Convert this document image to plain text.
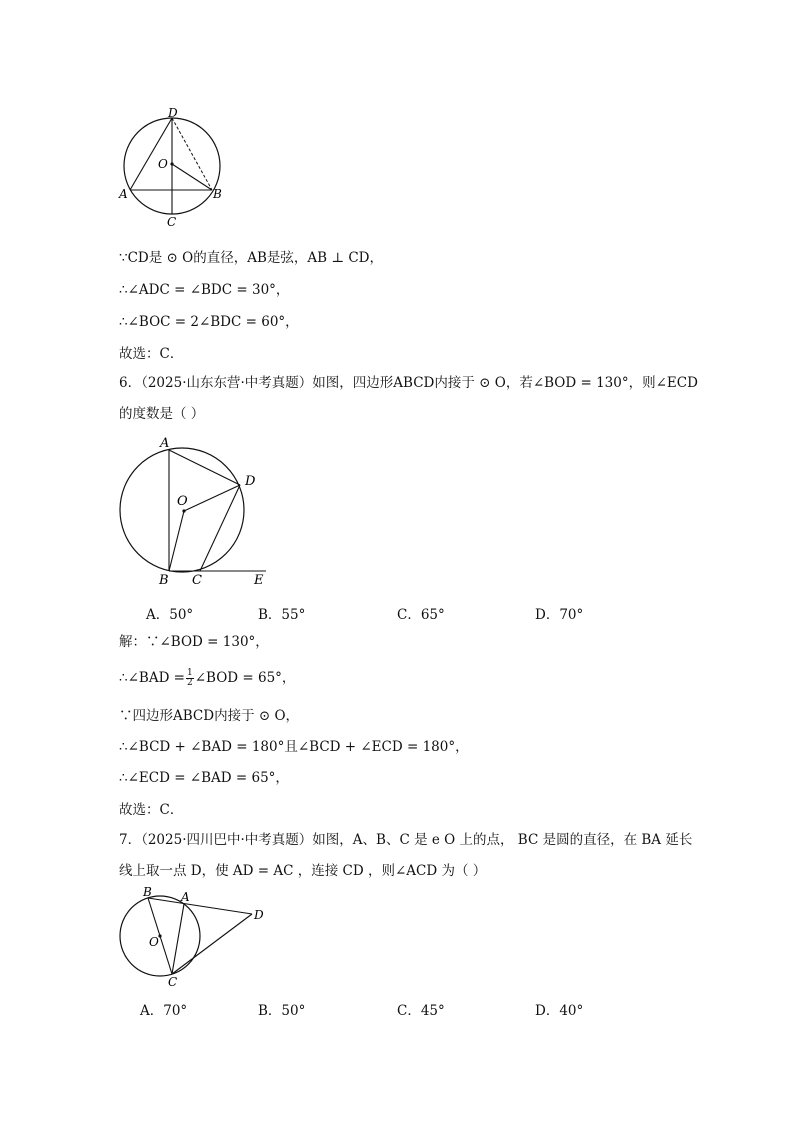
D
O
A	B
C
∵CD是 ⊙ O的直径，AB是弦，AB ⊥ CD，
∴∠ADC = ∠BDC = 30°，
∴∠BOC = 2∠BDC = 60°，
故选：C．
6．（2025·山东东营·中考真题）如图，四边形ABCD内接于 ⊙ O，若∠BOD = 130°，则∠ECD
的度数是（ ）
A
D
O
B C	E
A．50°	B．55°	C．65°	D．70°
解：∵∠BOD = 130°，
∴∠BAD = $\frac{1}{2}$ ∠BOD = 65°，
∵四边形ABCD内接于 ⊙ O，
∴∠BCD + ∠BAD = 180°且∠BCD + ∠ECD = 180°，
∴∠ECD = ∠BAD = 65°，
故选：C．
7．（2025·四川巴中·中考真题）如图，A、B、C 是 e O 上的点， BC 是圆的直径，在 BA 延长
线上取一点 D，使 AD = AC ，连接 CD ，则∠ACD 为（ ）
B A
D
O
C
A．70°	B．50°	C．45°	D．40°
